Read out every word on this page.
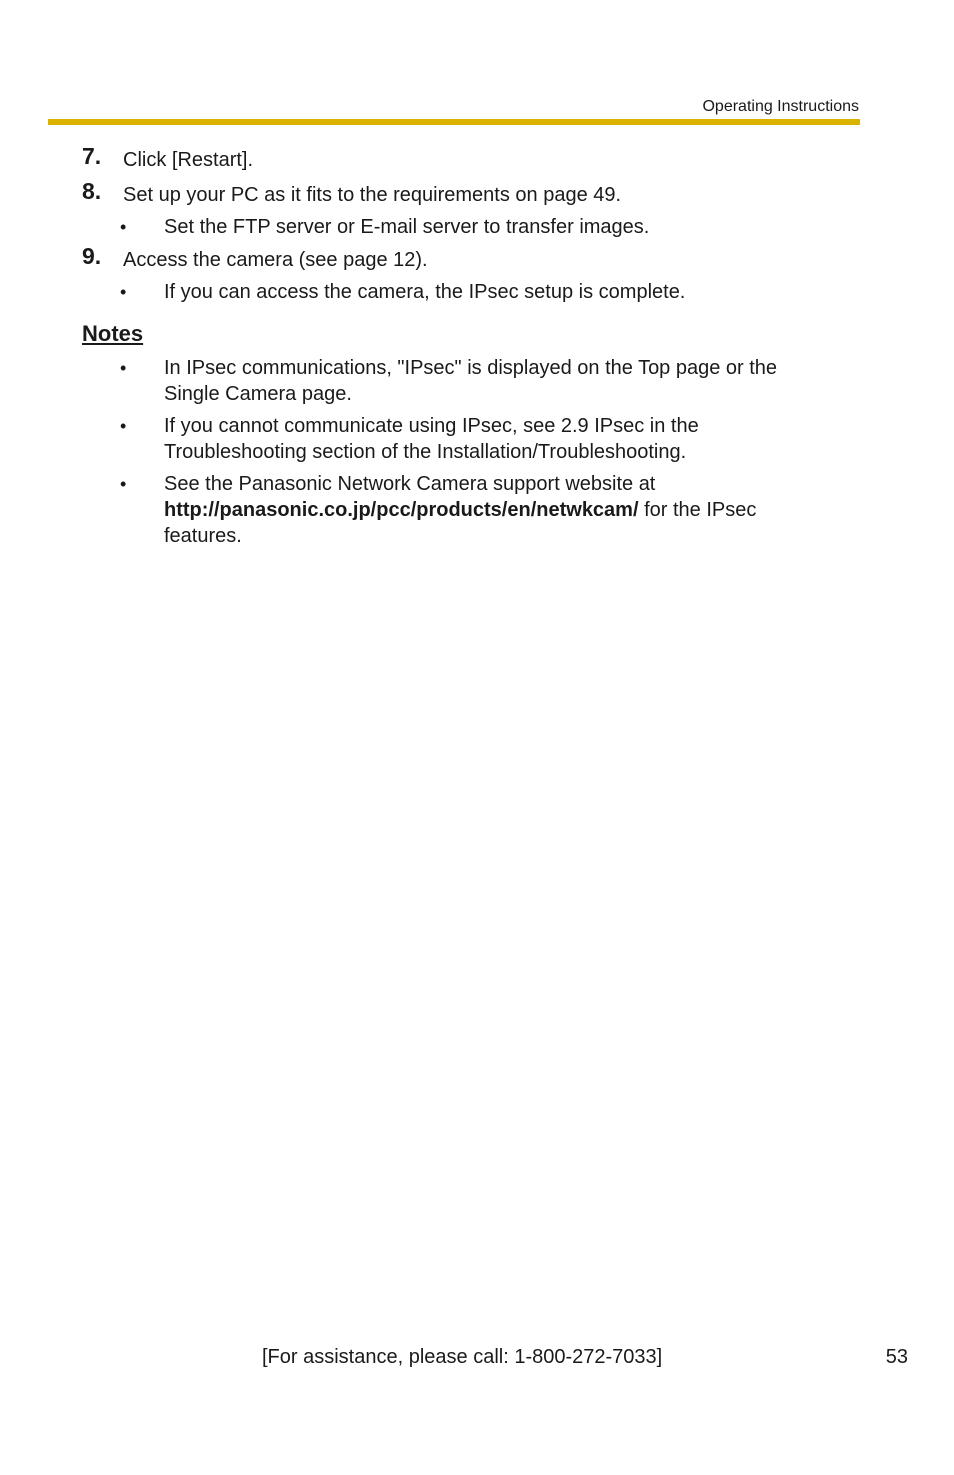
Operating Instructions
7. Click [Restart].
8. Set up your PC as it fits to the requirements on page 49.
• Set the FTP server or E-mail server to transfer images.
9. Access the camera (see page 12).
• If you can access the camera, the IPsec setup is complete.
Notes
• In IPsec communications, "IPsec" is displayed on the Top page or the
Single Camera page.
• If you cannot communicate using IPsec, see 2.9 IPsec in the
Troubleshooting section of the Installation/Troubleshooting.
• See the Panasonic Network Camera support website at
http://panasonic.co.jp/pcc/products/en/netwkcam/ for the IPsec
features.
[For assistance, please call: 1-800-272-7033]	53
